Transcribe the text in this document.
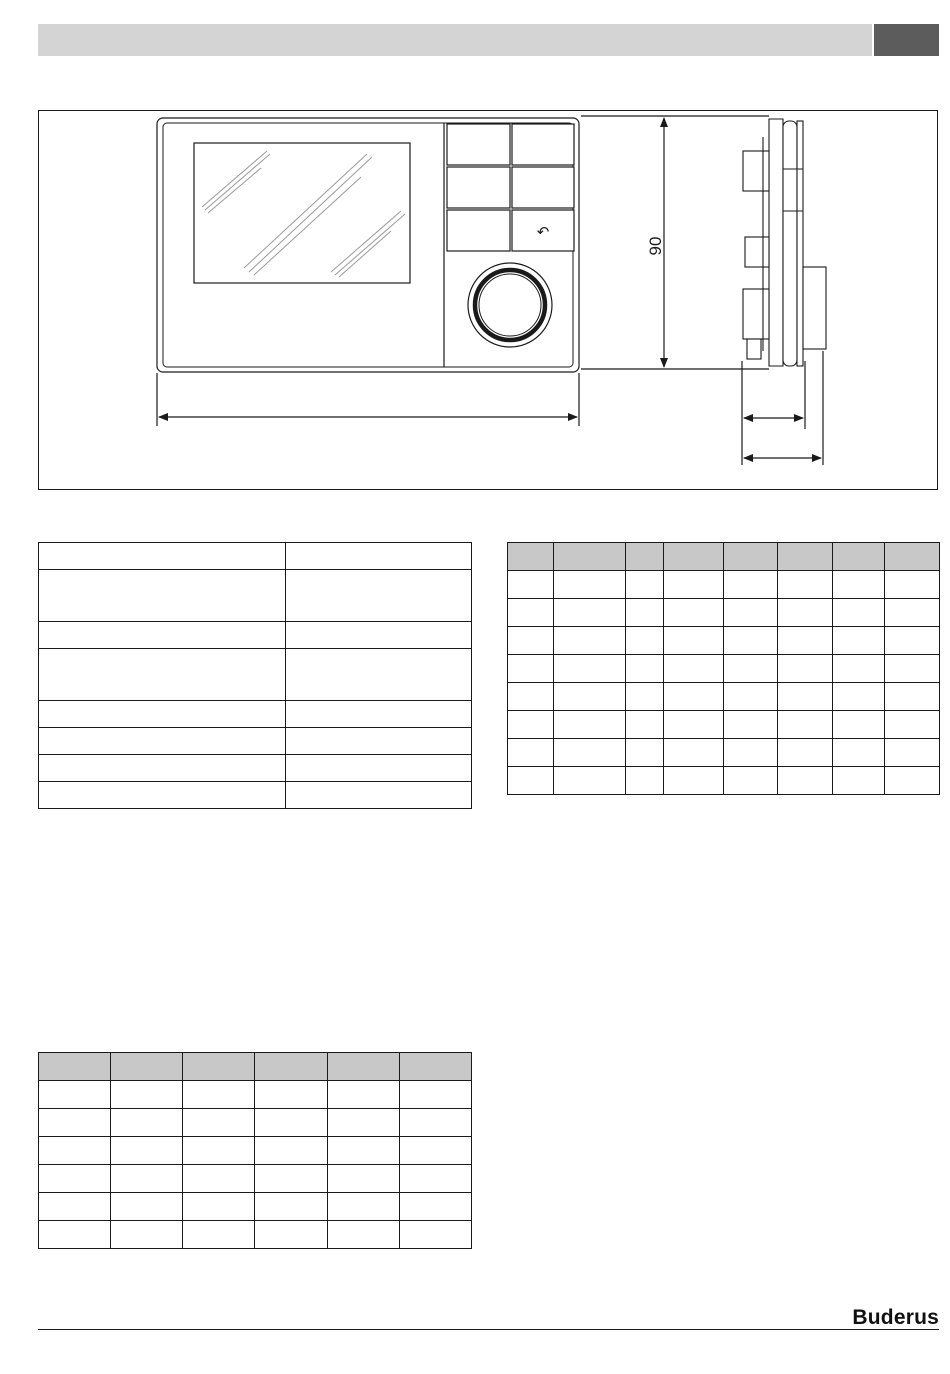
↶
90

Buderus
